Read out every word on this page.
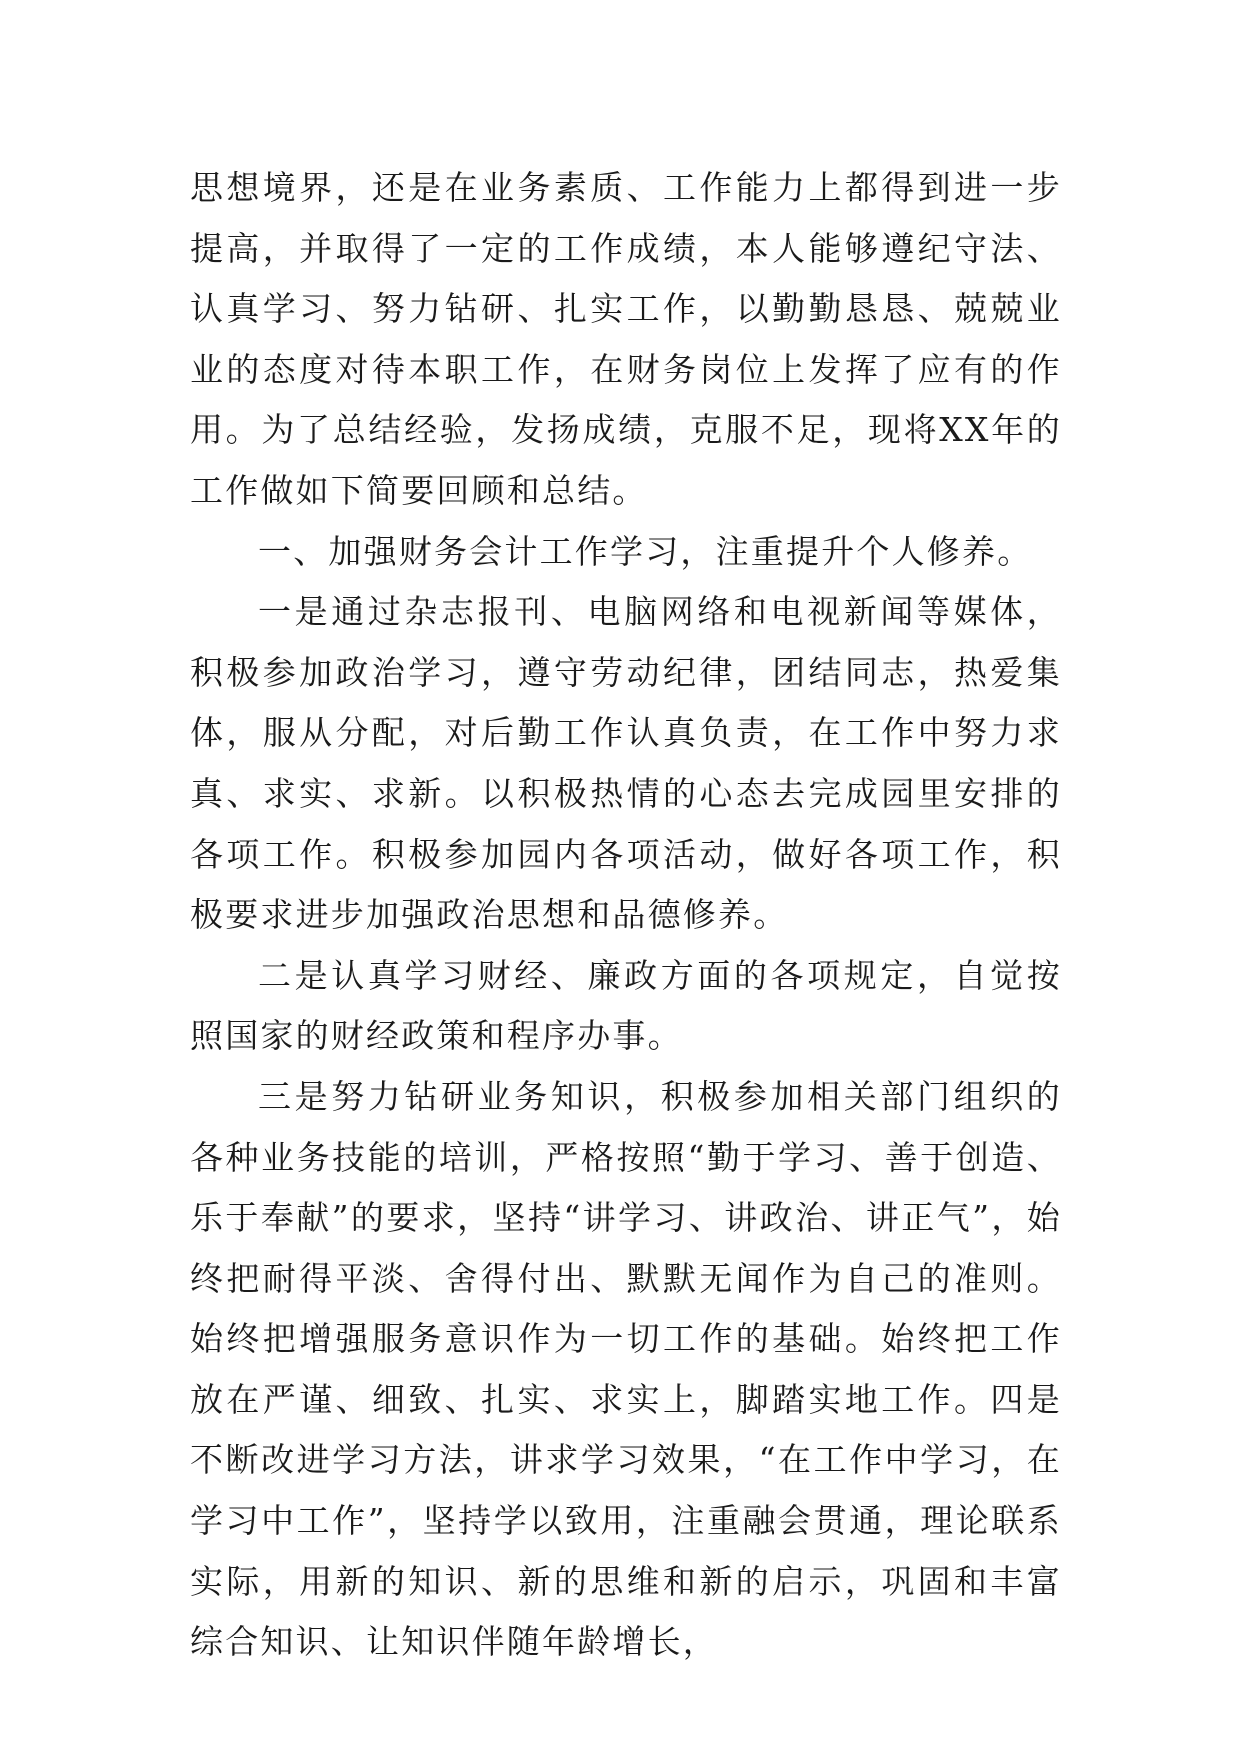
思想境界，还是在业务素质、工作能力上都得到进一步提高，并取得了一定的工作成绩，本人能够遵纪守法、认真学习、努力钻研、扎实工作，以勤勤恳恳、兢兢业业的态度对待本职工作，在财务岗位上发挥了应有的作用。为了总结经验，发扬成绩，克服不足，现将XX年的工作做如下简要回顾和总结。

一、加强财务会计工作学习，注重提升个人修养。

一是通过杂志报刊、电脑网络和电视新闻等媒体，积极参加政治学习，遵守劳动纪律，团结同志，热爱集体，服从分配，对后勤工作认真负责，在工作中努力求真、求实、求新。以积极热情的心态去完成园里安排的各项工作。积极参加园内各项活动，做好各项工作，积极要求进步加强政治思想和品德修养。

二是认真学习财经、廉政方面的各项规定，自觉按照国家的财经政策和程序办事。

三是努力钻研业务知识，积极参加相关部门组织的各种业务技能的培训，严格按照“勤于学习、善于创造、乐于奉献”的要求，坚持“讲学习、讲政治、讲正气”，始终把耐得平淡、舍得付出、默默无闻作为自己的准则。始终把增强服务意识作为一切工作的基础。始终把工作放在严谨、细致、扎实、求实上，脚踏实地工作。四是不断改进学习方法，讲求学习效果，“在工作中学习，在学习中工作”，坚持学以致用，注重融会贯通，理论联系实际，用新的知识、新的思维和新的启示，巩固和丰富综合知识、让知识伴随年龄增长，
